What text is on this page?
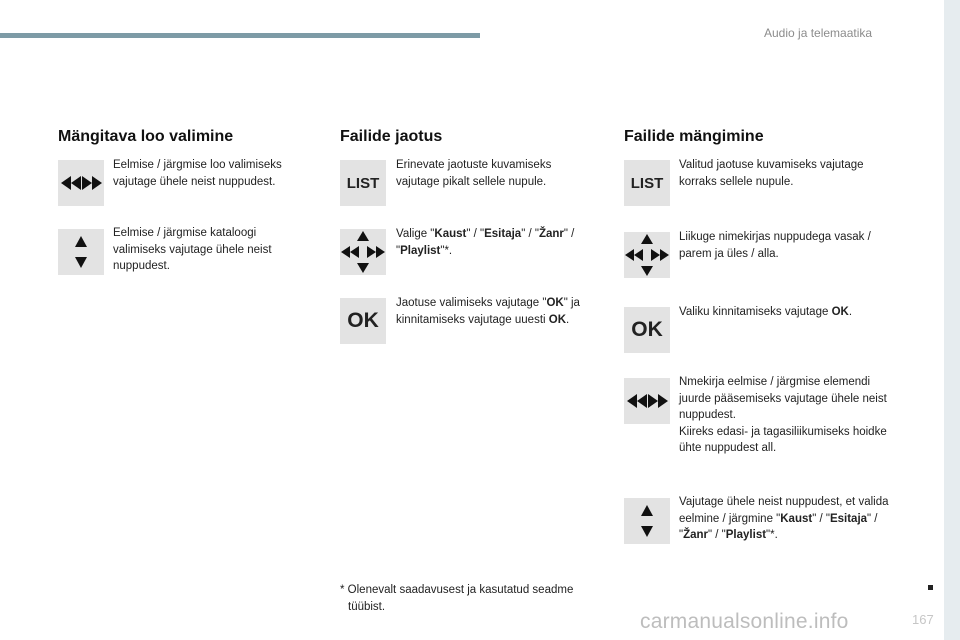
Audio ja telemaatika
Mängitava loo valimine
Eelmise / järgmise loo valimiseks vajutage ühele neist nuppudest.
Eelmise / järgmise kataloogi valimiseks vajutage ühele neist nuppudest.
Failide jaotus
LIST
Erinevate jaotuste kuvamiseks vajutage pikalt sellele nupule.
Valige "Kaust" / "Esitaja" / "Žanr" / "Playlist"*.
OK
Jaotuse valimiseks vajutage "OK" ja kinnitamiseks vajutage uuesti OK.
Failide mängimine
LIST
Valitud jaotuse kuvamiseks vajutage korraks sellele nupule.
Liikuge nimekirjas nuppudega vasak / parem ja üles / alla.
OK
Valiku kinnitamiseks vajutage OK.
Nmekirja eelmise / järgmise elemendi juurde pääsemiseks vajutage ühele neist nuppudest.
Kiireks edasi- ja tagasiliikumiseks hoidke ühte nuppudest all.
Vajutage ühele neist nuppudest, et valida eelmine / järgmine "Kaust" / "Esitaja" / "Žanr" / "Playlist"*.
* Olenevalt saadavusest ja kasutatud seadme
tüübist.
carmanualsonline.info	167
